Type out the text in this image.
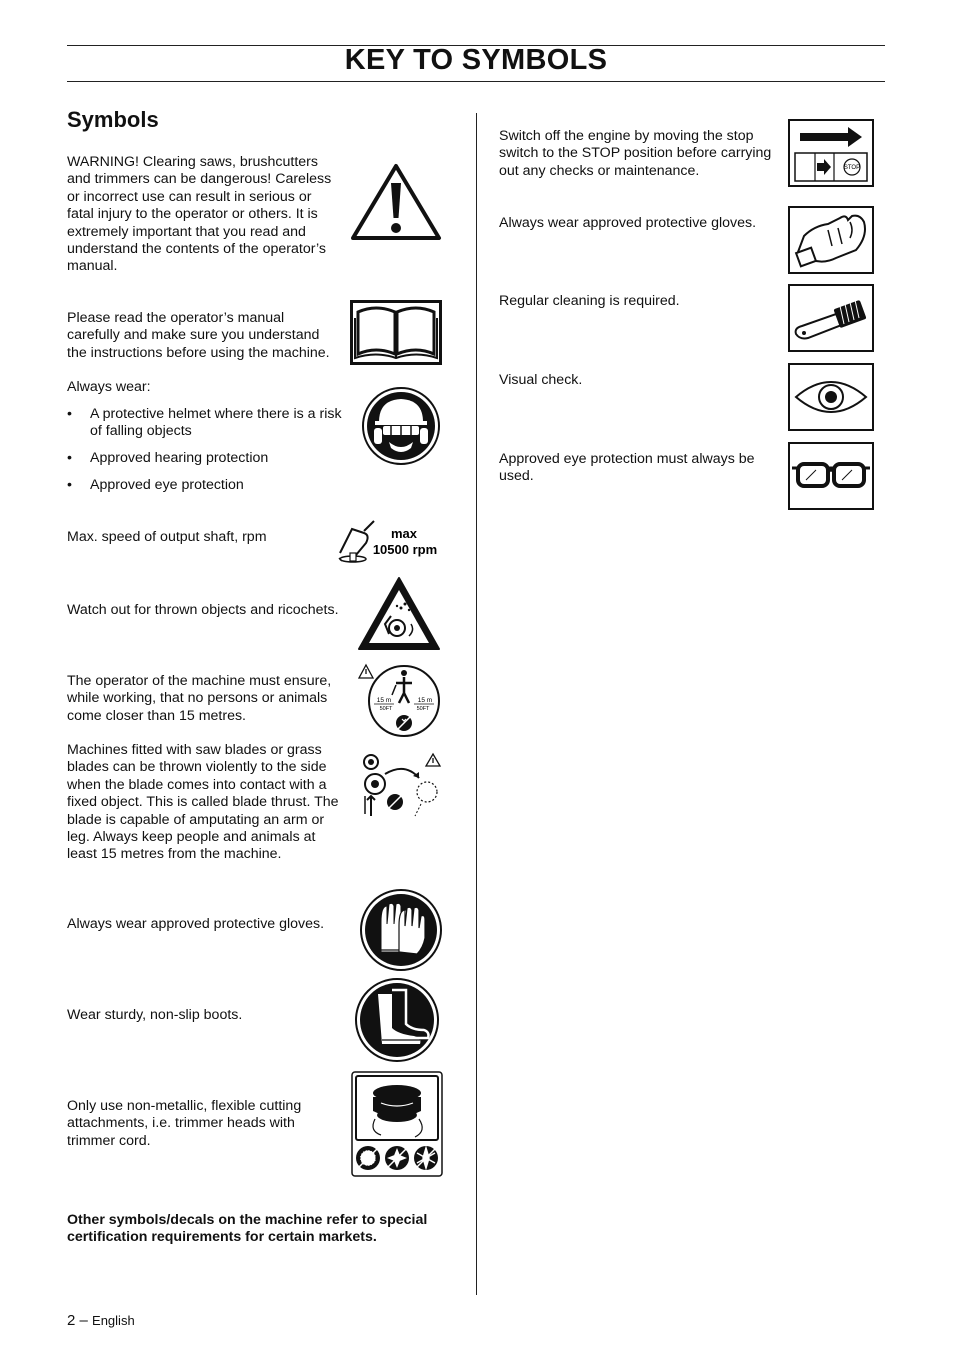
KEY TO SYMBOLS
Symbols
WARNING! Clearing saws, brushcutters
and trimmers can be dangerous! Careless
or incorrect use can result in serious or
fatal injury to the operator or others. It is
extremely important that you read and
understand the contents of the operator’s
manual.
Please read the operator’s manual
carefully and make sure you understand
the instructions before using the machine.
Always wear:
• A protective helmet where there is a risk
of falling objects
• Approved hearing protection
• Approved eye protection
Max. speed of output shaft, rpm	max
10500 rpm
Watch out for thrown objects and ricochets.
The operator of the machine must ensure,
while working, that no persons or animals
come closer than 15 metres.
15 m
50FT
15 m
50FT
Machines fitted with saw blades or grass
blades can be thrown violently to the side
when the blade comes into contact with a
fixed object. This is called blade thrust. The
blade is capable of amputating an arm or
leg. Always keep people and animals at
least 15 metres from the machine.
Always wear approved protective gloves.
Wear sturdy, non-slip boots.
Only use non-metallic, flexible cutting
attachments, i.e. trimmer heads with
trimmer cord.
Other symbols/decals on the machine refer to special
certification requirements for certain markets.
Switch off the engine by moving the stop
switch to the STOP position before carrying
out any checks or maintenance.	STOP
Always wear approved protective gloves.
Regular cleaning is required.
Visual check.
Approved eye protection must always be
used.
2 – English
